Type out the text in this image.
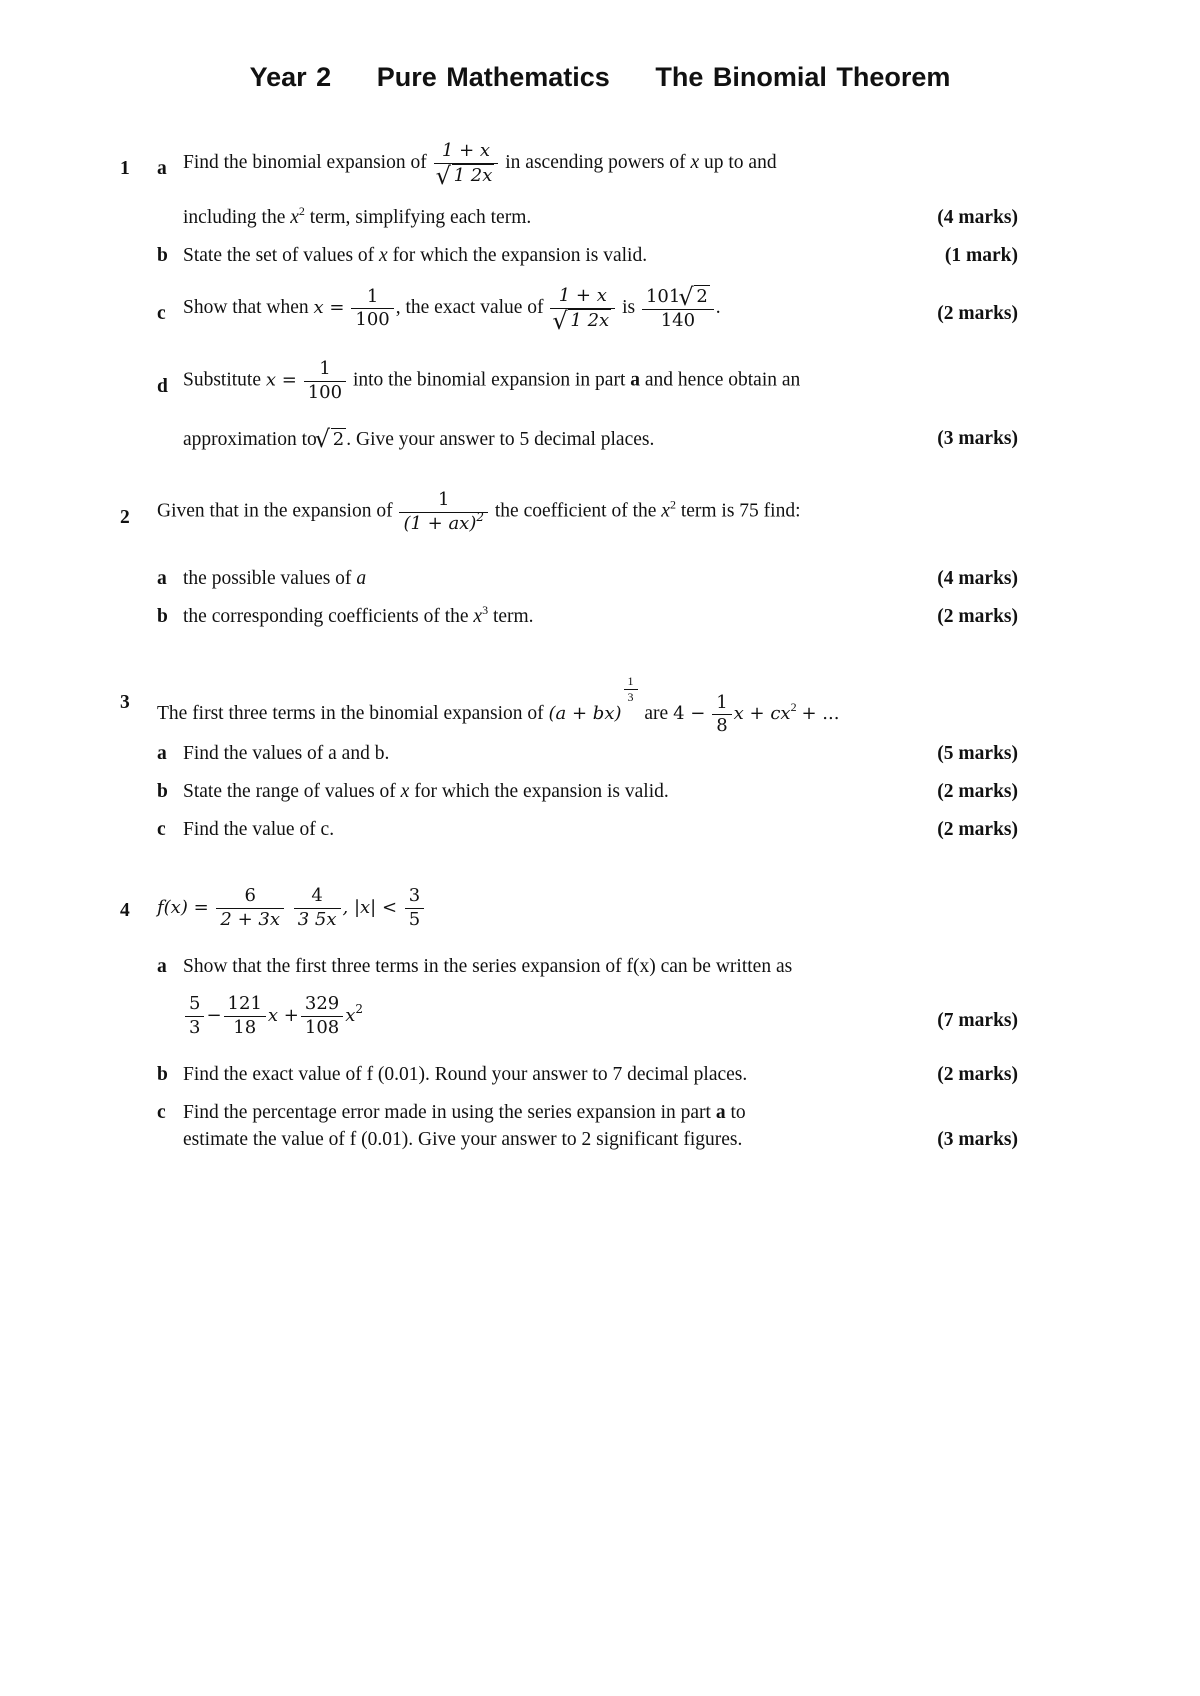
Year 2 Pure Mathematics The Binomial Theorem
1 a Find the binomial expansion of 1 + x
√ 1 2x in ascending powers of x up to and
including the $x^2$ term, simplifying each term.	(4 marks)
b State the set of values of x for which the expansion is valid.	(1 mark)
c Show that when $x = \frac{1}{100}$ , the exact value of 1 + x
√ 1 2x is $\frac{101 √ 2}{140}$ .	(2 marks)
d Substitute $x = \frac{1}{100}$ into the binomial expansion in part a and hence obtain an
approximation to √ 2 . Give your answer to 5 decimal places.	(3 marks)
2 Given that in the expansion of $\frac{1}{(1 + ax)^2}$ the coefficient of the $x^2$ term is 75 find:
a the possible values of a	(4 marks)
b the corresponding coefficients of the $x^3$ term.	(2 marks)
3
The first three terms in the binomial expansion of (a + bx)
$\frac{1}{3}$
are $4 - \frac{1}{8}$ $x + cx^2$ + ...
a Find the values of a and b.	(5 marks)
b State the range of values of x for which the expansion is valid.	(2 marks)
c Find the value of c.	(2 marks)
4 $f(x) = \frac{6}{2 + 3x}$
$\frac{4}{3 5x}$ , $|x| < \frac{3}{5}$
a Show that the first three terms in the series expansion of f(x) can be written as
$\frac{5}{3} - \frac{121}{18}$ $x + \frac{329}{108} x^2$
(7 marks)
b Find the exact value of f (0.01). Round your answer to 7 decimal places.	(2 marks)
c Find the percentage error made in using the series expansion in part a to
estimate the value of f (0.01). Give your answer to 2 significant figures.	(3 marks)
